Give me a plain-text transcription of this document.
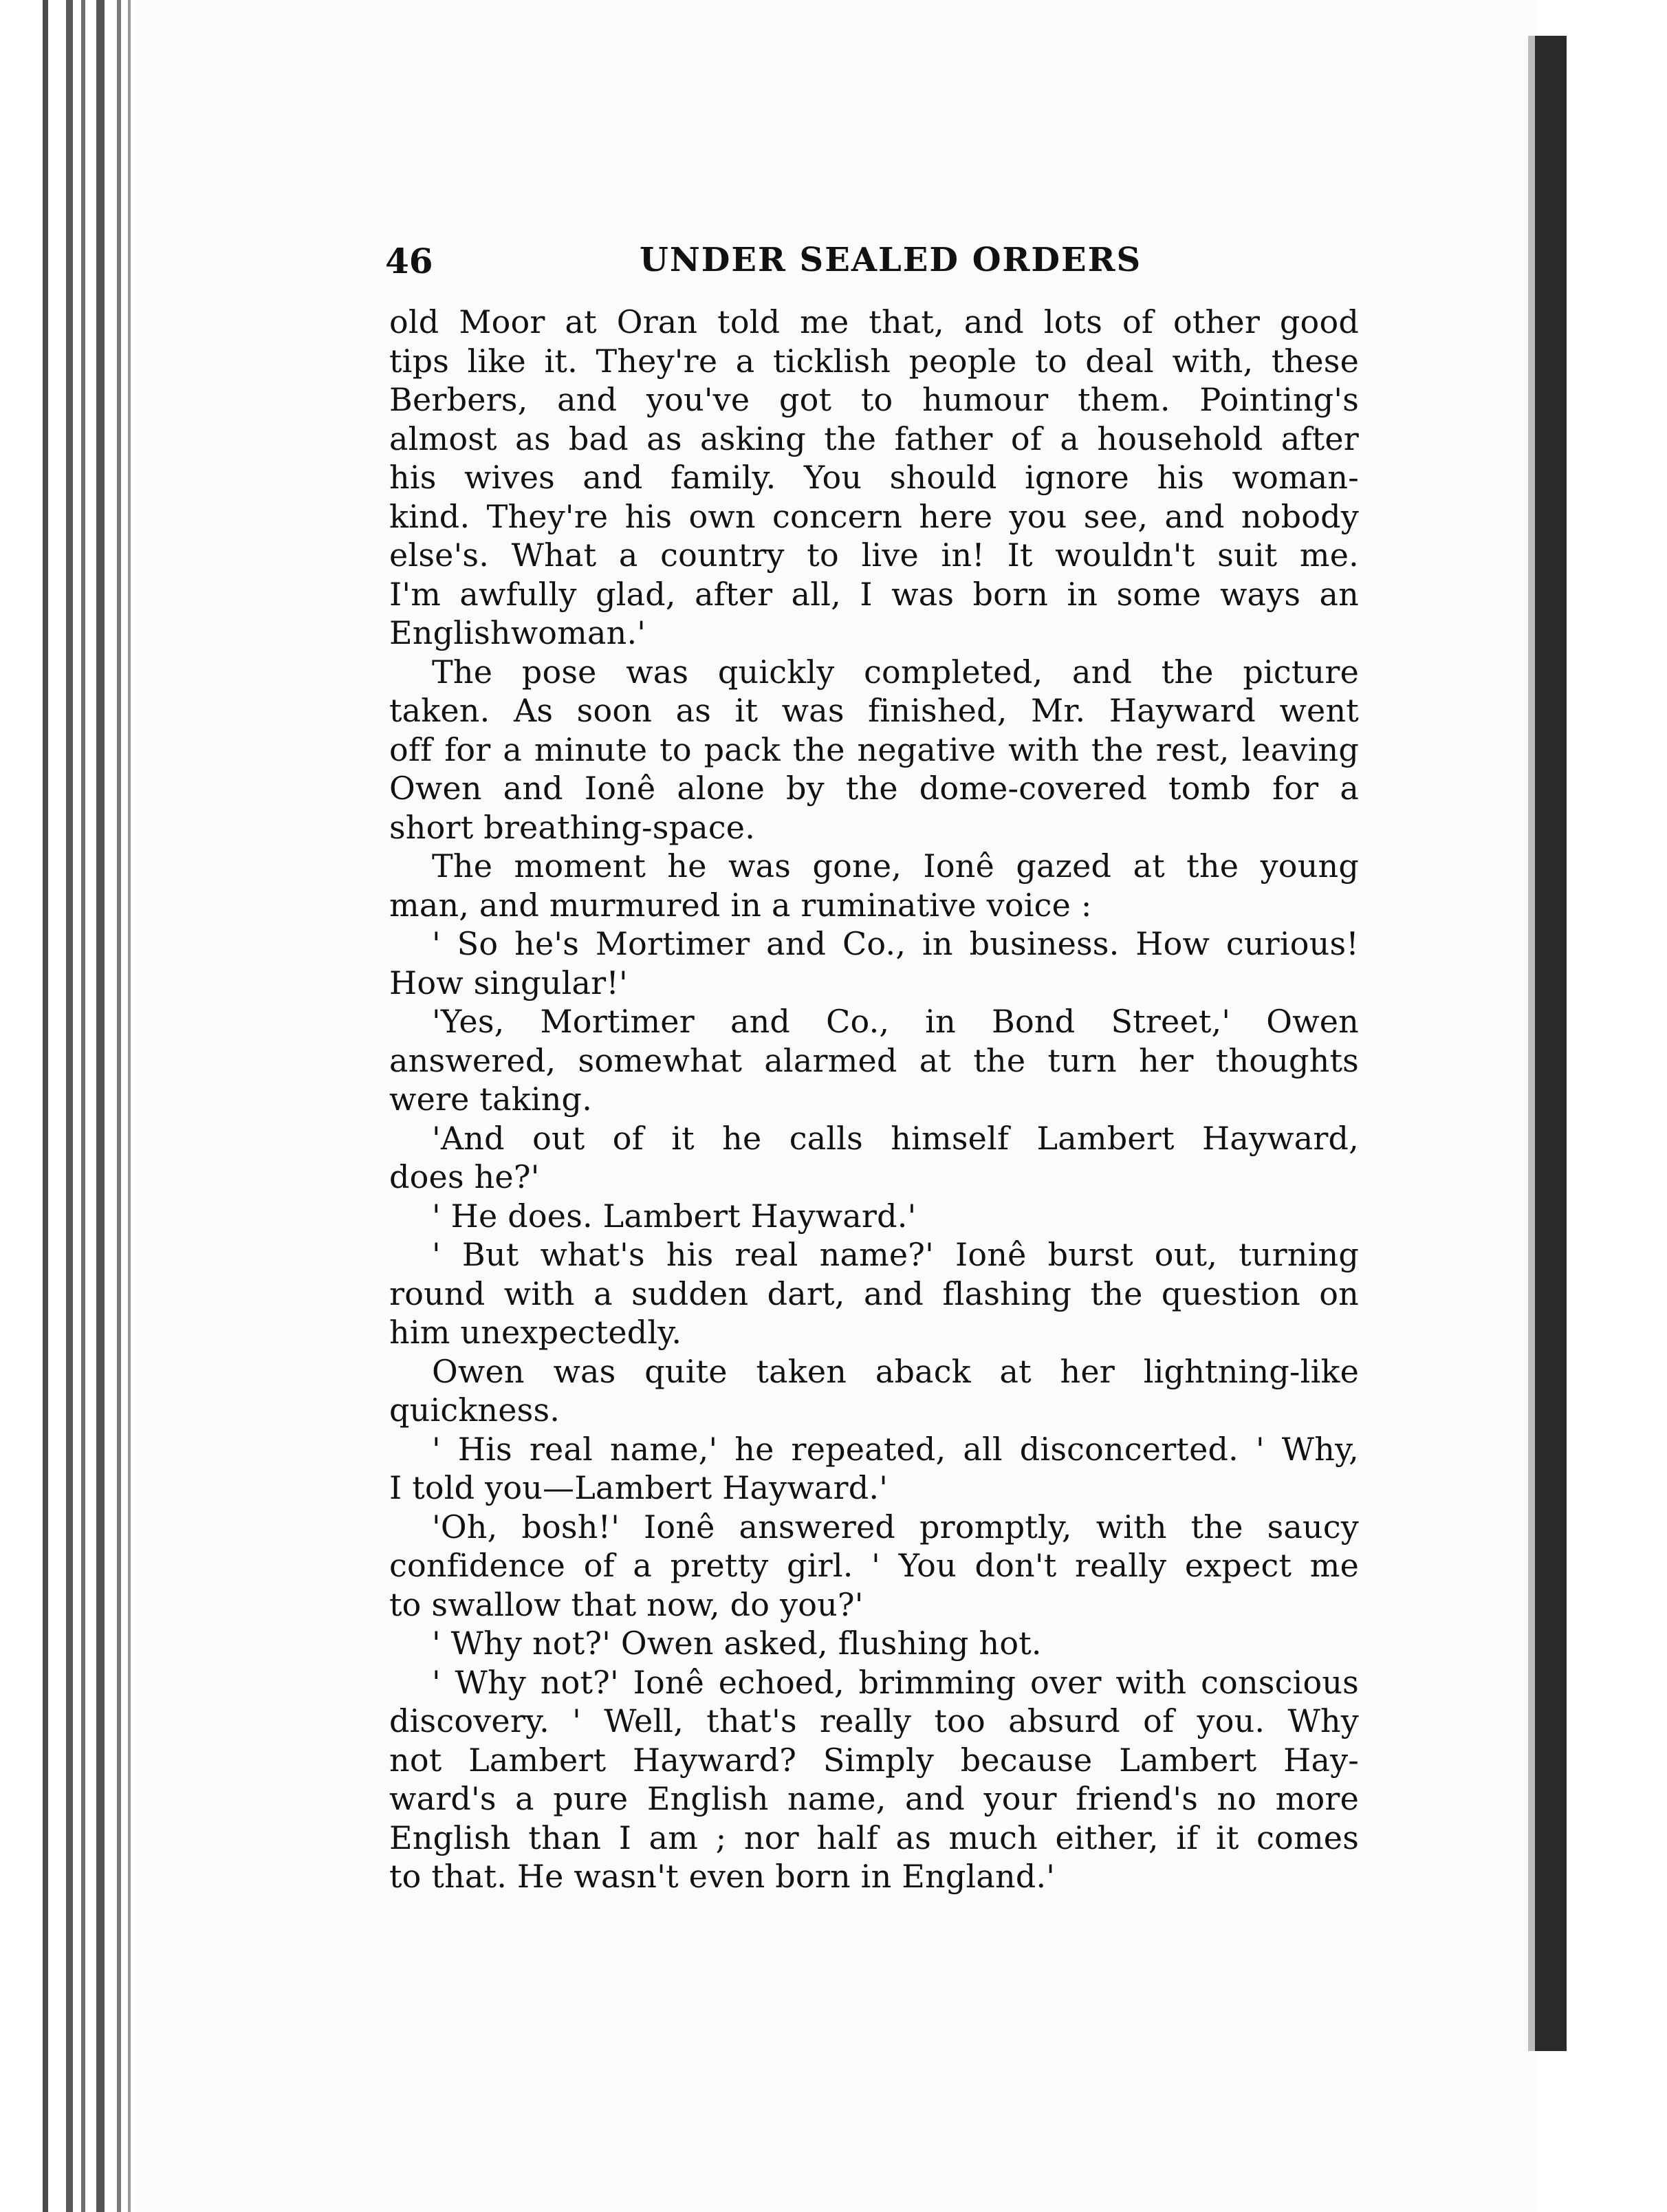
46	UNDER SEALED ORDERS
old Moor at Oran told me that, and lots of other good
tips like it. They're a ticklish people to deal with, these
Berbers, and you've got to humour them. Pointing's
almost as bad as asking the father of a household after
his wives and family. You should ignore his woman-
kind. They're his own concern here you see, and nobody
else's. What a country to live in! It wouldn't suit me.
I'm awfully glad, after all, I was born in some ways an
Englishwoman.'
The pose was quickly completed, and the picture
taken. As soon as it was finished, Mr. Hayward went
off for a minute to pack the negative with the rest, leaving
Owen and Ionê alone by the dome-covered tomb for a
short breathing-space.
The moment he was gone, Ionê gazed at the young
man, and murmured in a ruminative voice :
' So he's Mortimer and Co., in business. How curious!
How singular!'
'Yes, Mortimer and Co., in Bond Street,' Owen
answered, somewhat alarmed at the turn her thoughts
were taking.
'And out of it he calls himself Lambert Hayward,
does he?'
' He does. Lambert Hayward.'
' But what's his real name?' Ionê burst out, turning
round with a sudden dart, and flashing the question on
him unexpectedly.
Owen was quite taken aback at her lightning-like
quickness.
' His real name,' he repeated, all disconcerted. ' Why,
I told you—Lambert Hayward.'
'Oh, bosh!' Ionê answered promptly, with the saucy
confidence of a pretty girl. ' You don't really expect me
to swallow that now, do you?'
' Why not?' Owen asked, flushing hot.
' Why not?' Ionê echoed, brimming over with conscious
discovery. ' Well, that's really too absurd of you. Why
not Lambert Hayward? Simply because Lambert Hay-
ward's a pure English name, and your friend's no more
English than I am ; nor half as much either, if it comes
to that. He wasn't even born in England.'
